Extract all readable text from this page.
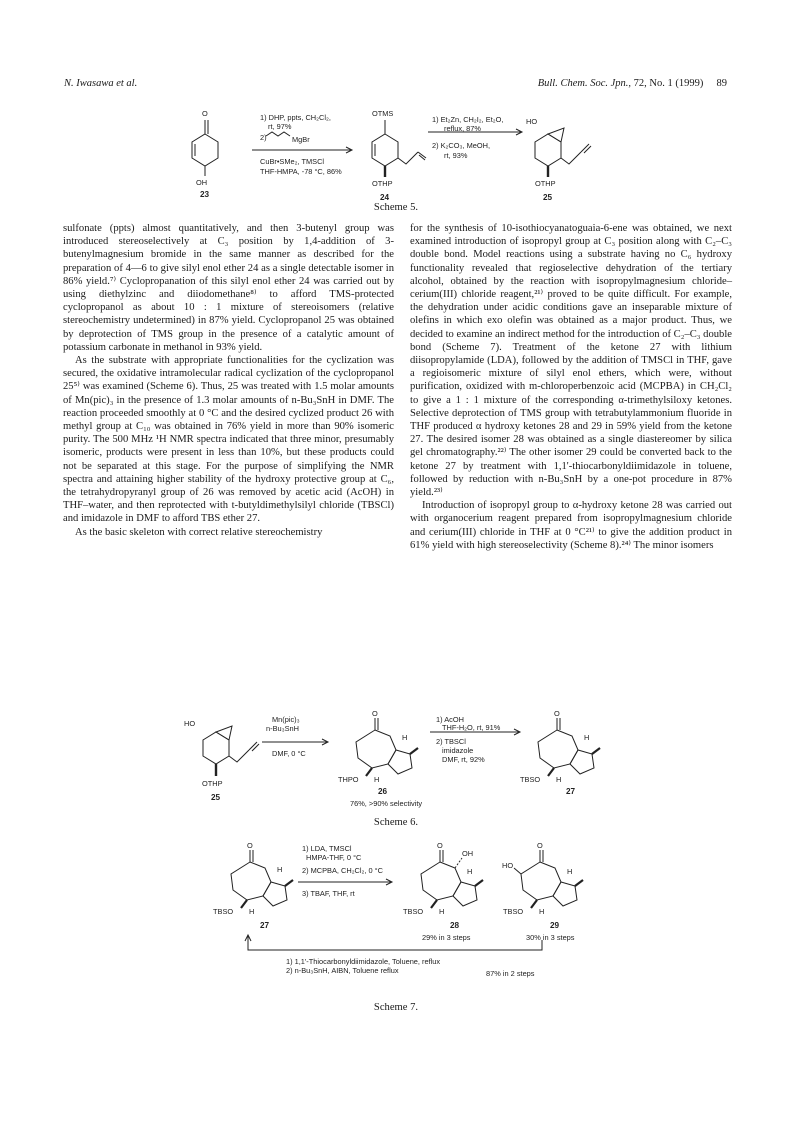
N. Iwasawa et al.	Bull. Chem. Soc. Jpn., 72, No. 1 (1999) 89
O
OH
23
1) DHP, ppts, CH₂Cl₂,
rt, 97%
2)	MgBr
CuBr•SMe₂, TMSCl
THF-HMPA, -78 °C, 86%
OTMS
OTHP
24
1) Et₂Zn, CH₂I₂, Et₂O,
reflux, 87%
2) K₂CO₃, MeOH,
rt, 93%
HO
OTHP
25
Scheme 5.

sulfonate (ppts) almost quantitatively, and then 3-butenyl group was introduced stereoselectively at C₃ position by 1,4-addition of 3-butenylmagnesium bromide in the same manner as described for the preparation of 4—6 to give silyl enol ether 24 as a single detectable isomer in 86% yield.⁷⁾ Cyclopropanation of this silyl enol ether 24 was carried out by using diethylzinc and diiodomethane⁸⁾ to afford TMS-protected cyclopropanol as about 10 : 1 mixture of stereoisomers (relative stereochemistry undetermined) in 87% yield. Cyclopropanol 25 was obtained by deprotection of TMS group in the presence of a catalytic amount of potassium carbonate in methanol in 93% yield.

As the substrate with appropriate functionalities for the cyclization was secured, the oxidative intramolecular radical cyclization of the cyclopropanol 25⁵⁾ was examined (Scheme 6). Thus, 25 was treated with 1.5 molar amounts of Mn(pic)₃ in the presence of 1.3 molar amounts of n-Bu₃SnH in DMF. The reaction proceeded smoothly at 0 °C and the desired cyclized product 26 with methyl group at C₁₀ was obtained in 76% yield in more than 90% isomeric purity. The 500 MHz ¹H NMR spectra indicated that three minor, presumably isomeric, products were present in less than 10%, but these products could not be separated at this stage. For the purpose of simplifying the NMR spectra and attaining higher stability of the hydroxy protective group at C₆, the tetrahydropyranyl group of 26 was removed by acetic acid (AcOH) in THF–water, and then reprotected with t-butyldimethylsilyl chloride (TBSCl) and imidazole in DMF to afford TBS ether 27.

As the basic skeleton with correct relative stereochemistry

for the synthesis of 10-isothiocyanatoguaia-6-ene was obtained, we next examined introduction of isopropyl group at C₃ position along with C₂–C₃ double bond. Model reactions using a substrate having no C₆ hydroxy functionality revealed that regioselective dehydration of the tertiary alcohol, obtained by the reaction with isopropylmagnesium chloride–cerium(III) chloride reagent,²¹⁾ proved to be quite difficult. For example, the dehydration under acidic conditions gave an inseparable mixture of olefins in which exo olefin was obtained as a major product. Thus, we decided to examine an indirect method for the introduction of C₂–C₃ double bond (Scheme 7). Treatment of the ketone 27 with lithium diisopropylamide (LDA), followed by the addition of TMSCl in THF, gave a regioisomeric mixture of silyl enol ethers, which were, without purification, oxidized with m-chloroperbenzoic acid (MCPBA) in CH₂Cl₂ to give a 1 : 1 mixture of the corresponding α-trimethylsiloxy ketones. Selective deprotection of TMS group with tetrabutylammonium fluoride in THF produced α hydroxy ketones 28 and 29 in 59% yield from the ketone 27. The desired isomer 28 was obtained as a single diastereomer by silica gel chromatography.²²⁾ The other isomer 29 could be converted back to the ketone 27 by treatment with 1,1'-thiocarbonyldiimidazole in toluene, followed by reduction with n-Bu₃SnH by a one-pot procedure in 87% yield.²³⁾

Introduction of isopropyl group to α-hydroxy ketone 28 was carried out with organocerium reagent prepared from isopropylmagnesium chloride and cerium(III) chloride in THF at 0 °C²¹⁾ to give the addition product in 61% yield with high stereoselectivity (Scheme 8).²⁴⁾ The minor isomers

HO
OTHP
25
Mn(pic)₃
n-Bu₃SnH
DMF, 0 °C
O
H
THPO H
26
76%, >90% selectivity
1) AcOH
THF-H₂O, rt, 91%
2) TBSCl
imidazole
DMF, rt, 92%
O
H
TBSO H
27
Scheme 6.
O
H
TBSO H
27
1) LDA, TMSCl
HMPA-THF, 0 °C
2) MCPBA, CH₂Cl₂, 0 °C
3) TBAF, THF, rt
O
OH
H
TBSO H
28
29% in 3 steps
O
HO
H
TBSO H
29
30% in 3 steps
1) 1,1'-Thiocarbonyldiimidazole, Toluene, reflux
2) n-Bu₃SnH, AIBN, Toluene reflux	87% in 2 steps
Scheme 7.
